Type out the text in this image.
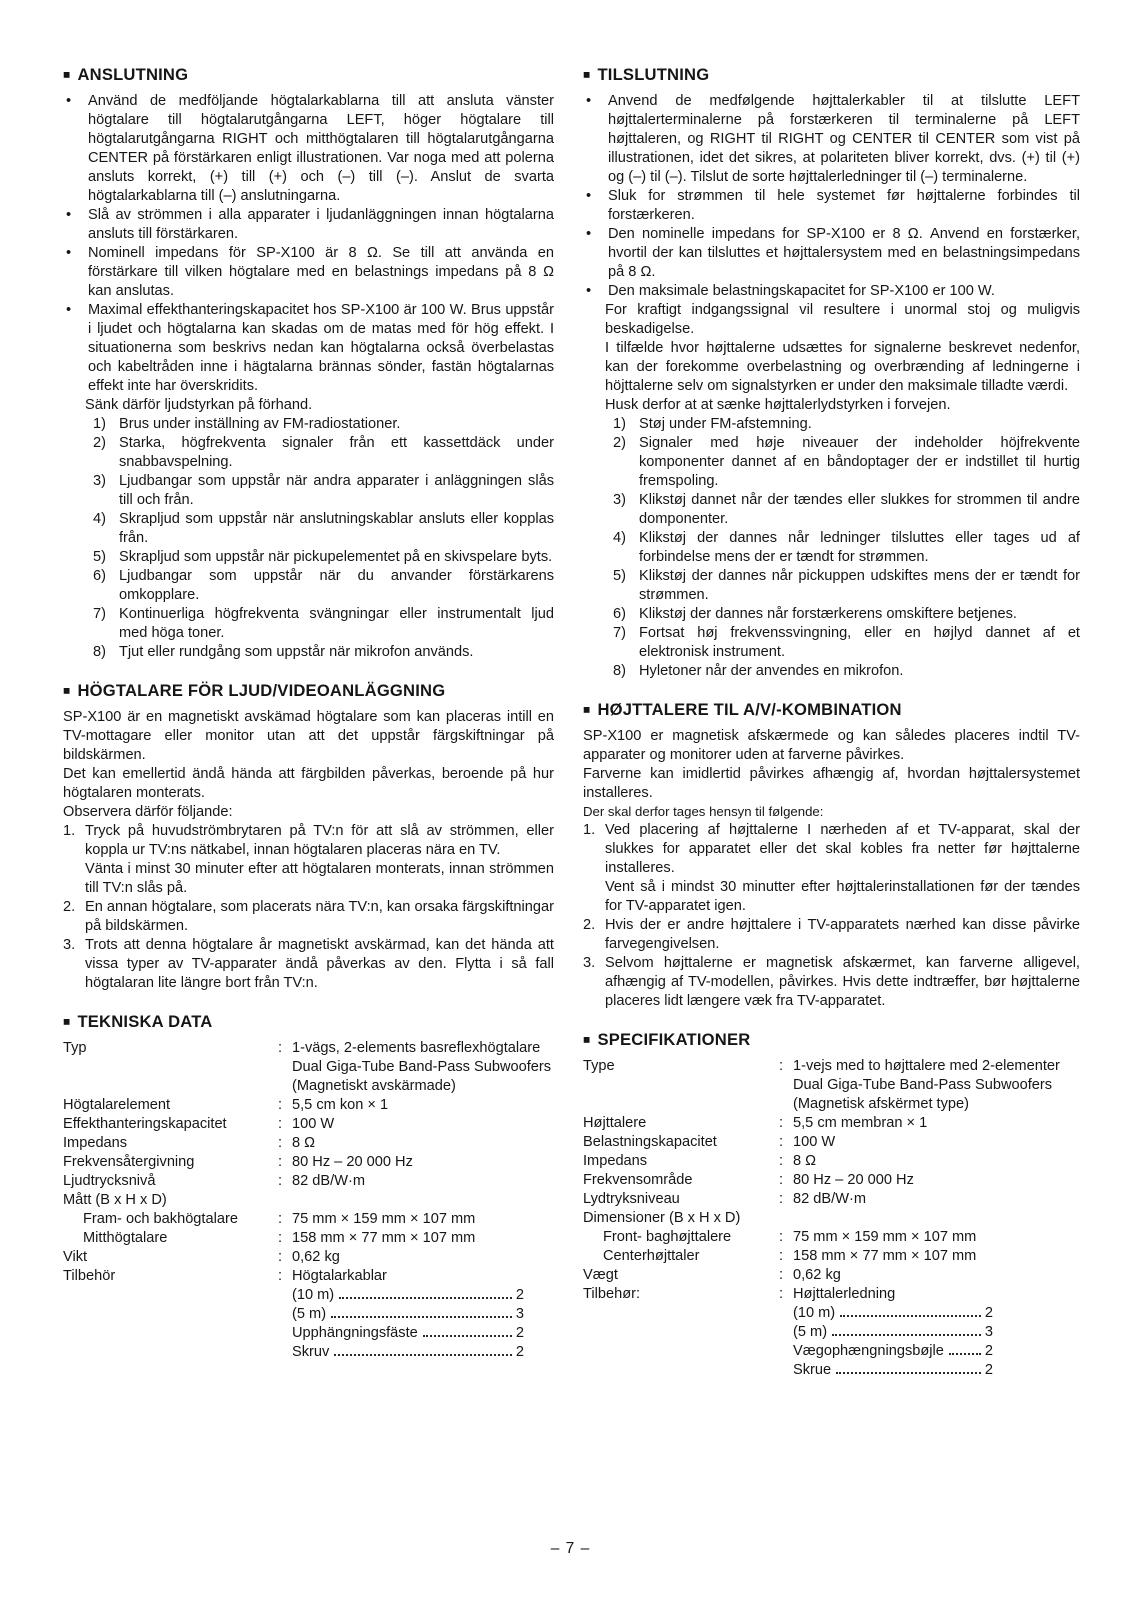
■ ANSLUTNING
•	Använd de medföljande högtalarkablarna till att ansluta vänster högtalare till högtalarutgångarna LEFT, höger högtalare till högtalarutgångarna RIGHT och mitthögtalaren till högtalarutgångarna CENTER på förstärkaren enligt illustrationen. Var noga med att polerna ansluts korrekt, (+) till (+) och (–) till (–). Anslut de svarta högtalarkablarna till (–) anslutningarna.
•	Slå av strömmen i alla apparater i ljudanläggningen innan högtalarna ansluts till förstärkaren.
•	Nominell impedans för SP-X100 är 8 Ω. Se till att använda en förstärkare till vilken högtalare med en belastnings impedans på 8 Ω kan anslutas.
•	Maximal effekthanteringskapacitet hos SP-X100 är 100 W. Brus uppstår i ljudet och högtalarna kan skadas om de matas med för hög effekt. I situationerna som beskrivs nedan kan högtalarna också överbelastas och kabeltråden inne i hägtalarna brännas sönder, fastän högtalarnas effekt inte har överskridits.
Sänk därför ljudstyrkan på förhand.
1) Brus under inställning av FM-radiostationer.
2) Starka, högfrekventa signaler från ett kassettdäck under snabbavspelning.
3) Ljudbangar som uppstår när andra apparater i anläggningen slås till och från.
4) Skrapljud som uppstår när anslutningskablar ansluts eller kopplas från.
5) Skrapljud som uppstår när pickupelementet på en skivspelare byts.
6) Ljudbangar som uppstår när du anvander förstärkarens omkopplare.
7) Kontinuerliga högfrekventa svängningar eller instrumentalt ljud med höga toner.
8) Tjut eller rundgång som uppstår när mikrofon används.
■ HÖGTALARE FÖR LJUD/VIDEOANLÄGGNING
SP-X100 är en magnetiskt avskämad högtalare som kan placeras intill en TV-mottagare eller monitor utan att det uppstår färgskiftningar på bildskärmen.
Det kan emellertid ändå hända att färgbilden påverkas, beroende på hur högtalaren monterats.
Observera därför följande:
1. Tryck på huvudströmbrytaren på TV:n för att slå av strömmen, eller koppla ur TV:ns nätkabel, innan högtalaren placeras nära en TV.
Vänta i minst 30 minuter efter att högtalaren monterats, innan strömmen till TV:n slås på.
2. En annan högtalare, som placerats nära TV:n, kan orsaka färgskiftningar på bildskärmen.
3. Trots att denna högtalare år magnetiskt avskärmad, kan det hända att vissa typer av TV-apparater ändå påverkas av den. Flytta i så fall högtalaran lite längre bort från TV:n.
■ TEKNISKA DATA
Typ	: 1-vägs, 2-elements basreflexhögtalare
Dual Giga-Tube Band-Pass Subwoofers
(Magnetiskt avskärmade)
Högtalarelement	: 5,5 cm kon × 1
Effekthanteringskapacitet	: 100 W
Impedans	: 8 Ω
Frekvensåtergivning	: 80 Hz – 20 000 Hz
Ljudtrycksnivå	: 82 dB/W·m
Mått (B x H x D)
Fram- och bakhögtalare	: 75 mm × 159 mm × 107 mm
Mitthögtalare	: 158 mm × 77 mm × 107 mm
Vikt	: 0,62 kg
Tilbehör	: Högtalarkablar
(10 m)	2
(5 m)	3
Upphängningsfäste	2
Skruv	2
■ TILSLUTNING
•	Anvend de medfølgende højttalerkabler til at tilslutte LEFT højttalerterminalerne på forstærkeren til terminalerne på LEFT højttaleren, og RIGHT til RIGHT og CENTER til CENTER som vist på illustrationen, idet det sikres, at polariteten bliver korrekt, dvs. (+) til (+) og (–) til (–). Tilslut de sorte højttalerledninger til (–) terminalerne.
•	Sluk for strømmen til hele systemet før højttalerne forbindes til forstærkeren.
•	Den nominelle impedans for SP-X100 er 8 Ω. Anvend en forstærker, hvortil der kan tilsluttes et højttalersystem med en belastningsimpedans på 8 Ω.
•	Den maksimale belastningskapacitet for SP-X100 er 100 W.
For kraftigt indgangssignal vil resultere i unormal stoj og muligvis beskadigelse.
I tilfælde hvor højttalerne udsættes for signalerne beskrevet nedenfor, kan der forekomme overbelastning og overbrænding af ledningerne i höjttalerne selv om signalstyrken er under den maksimale tilladte værdi.
Husk derfor at at sænke højttalerlydstyrken i forvejen.
1) Støj under FM-afstemning.
2) Signaler med høje niveauer der indeholder höjfrekvente komponenter dannet af en båndoptager der er indstillet til hurtig fremspoling.
3) Klikstøj dannet når der tændes eller slukkes for strommen til andre domponenter.
4) Klikstøj der dannes når ledninger tilsluttes eller tages ud af forbindelse mens der er tændt for strømmen.
5) Klikstøj der dannes når pickuppen udskiftes mens der er tændt for strømmen.
6) Klikstøj der dannes når forstærkerens omskiftere betjenes.
7) Fortsat høj frekvenssvingning, eller en højlyd dannet af et elektronisk instrument.
8) Hyletoner når der anvendes en mikrofon.
■ HØJTTALERE TIL A/V/-KOMBINATION
SP-X100 er magnetisk afskærmede og kan således placeres indtil TV-apparater og monitorer uden at farverne påvirkes.
Farverne kan imidlertid påvirkes afhængig af, hvordan højttalersystemet installeres.
Der skal derfor tages hensyn til følgende:
1. Ved placering af højttalerne I nærheden af et TV-apparat, skal der slukkes for apparatet eller det skal kobles fra netter før højttalerne installeres.
Vent så i mindst 30 minutter efter højttalerinstallationen før der tændes for TV-apparatet igen.
2. Hvis der er andre højttalere i TV-apparatets nærhed kan disse påvirke farvegengivelsen.
3. Selvom højttalerne er magnetisk afskærmet, kan farverne alligevel, afhængig af TV-modellen, påvirkes. Hvis dette indtræffer, bør højttalerne placeres lidt længere væk fra TV-apparatet.
■ SPECIFIKATIONER
Type	: 1-vejs med to højttalere med 2-elementer
Dual Giga-Tube Band-Pass Subwoofers
(Magnetisk afskërmet type)
Højttalere	: 5,5 cm membran × 1
Belastningskapacitet	: 100 W
Impedans	: 8 Ω
Frekvensområde	: 80 Hz – 20 000 Hz
Lydtryksniveau	: 82 dB/W·m
Dimensioner (B x H x D)
Front- baghøjttalere	: 75 mm × 159 mm × 107 mm
Centerhøjttaler	: 158 mm × 77 mm × 107 mm
Vægt	: 0,62 kg
Tilbehør:	: Højttalerledning
(10 m)	2
(5 m)	3
Vægophængningsbøjle	2
Skrue	2
– 7 –
